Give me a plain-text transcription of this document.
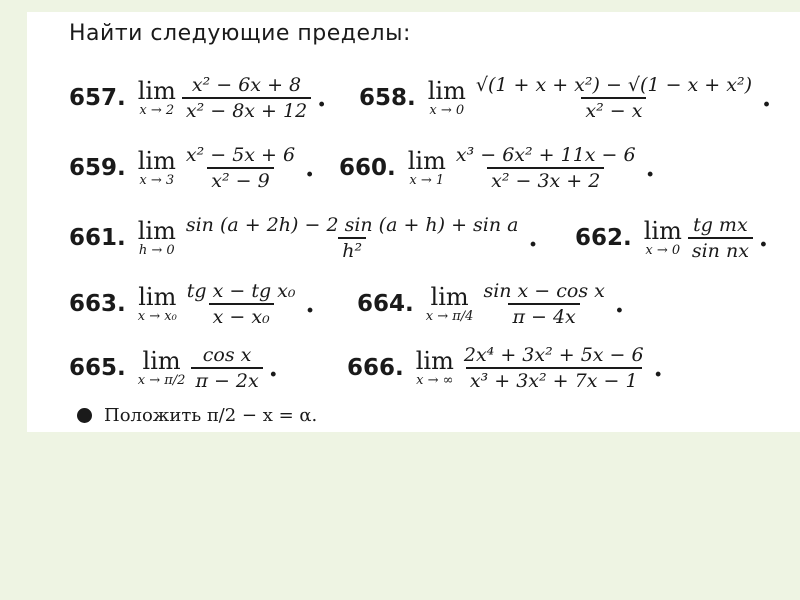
Найти следующие пределы:
657. lim
$x \to 2 \frac{\text{x² − 6x + 8}}{\text{x² − 8x + 12}}$ . 658. lim
$x \to 0 \frac{\text{√(1 + x + x²) − √(1 − x + x²)}}{\text{x² − x}}$ .
659. lim
$x \to 3 \frac{\text{x² − 5x + 6}}{\text{x² − 9}}$ . 660. lim
$x \to 1 \frac{\text{x³ − 6x² + 11x − 6}}{\text{x² − 3x + 2}}$ .
661. lim
$h \to 0 \frac{\text{sin (a + 2h) − 2 sin (a + h) + sin a}}{\text{h²}}$ . 662. lim
$x \to 0 \frac{\text{tg mx}}{\text{sin nx}}$ .
663. lim
$x \to x_0 \frac{\text{tg x − tg x₀}}{\text{x − x₀}}$ . 664. lim
$x \to \pi/4 \frac{\text{sin x − cos x}}{\pi - 4x}$ .
665. lim
$x \to \pi/2 \frac{\text{cos x}}{\pi - 2x}$ .	666. lim
x → ∞ $\frac{\text{2x⁴ + 3x² + 5x − 6}}{\text{x³ + 3x² + 7x − 1}}$ .
Положить π/2 − x = α.
